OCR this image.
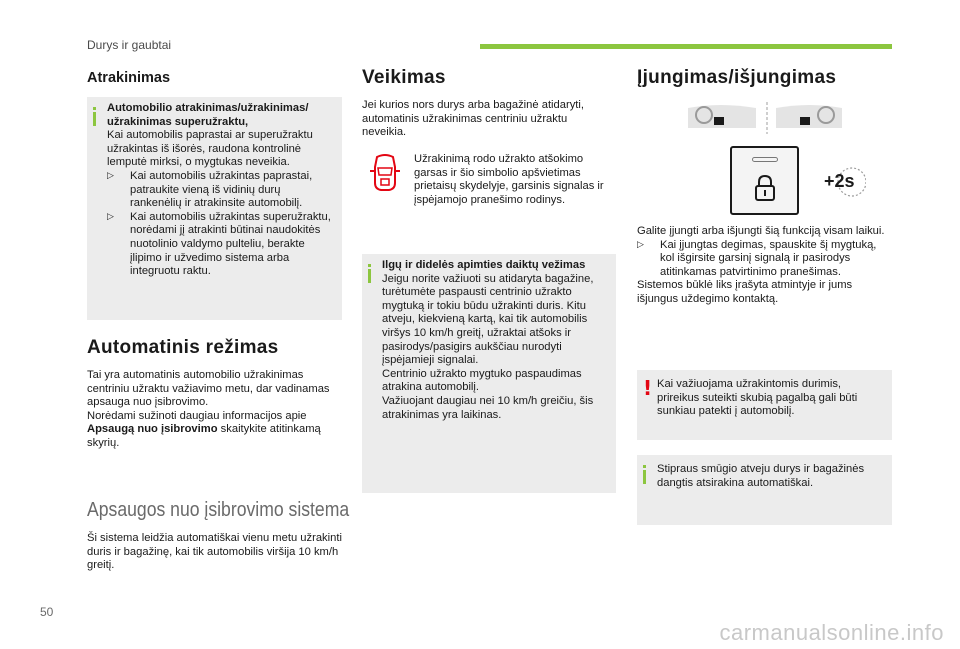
Durys ir gaubtai
Atrakinimas

Automobilio atrakinimas/užrakinimas/ užrakinimas superužraktu,

Kai automobilis paprastai ar superužraktu užrakintas iš išorės, raudona kontrolinė lemputė mirksi, o mygtukas neveikia.

▷ Kai automobilis užrakintas paprastai, patraukite vieną iš vidinių durų rankenėlių ir atrakinsite automobilį.

▷ Kai automobilis užrakintas superužraktu, norėdami jį atrakinti būtinai naudokitės nuotolinio valdymo pulteliu, berakte įlipimo ir užvedimo sistema arba integruotu raktu.

Automatinis režimas

Tai yra automatinis automobilio užrakinimas centriniu užraktu važiavimo metu, dar vadinamas apsauga nuo įsibrovimo.

Norėdami sužinoti daugiau informacijos apie Apsaugą nuo įsibrovimo skaitykite atitinkamą skyrių.

Apsaugos nuo įsibrovimo sistema

Ši sistema leidžia automatiškai vienu metu užrakinti duris ir bagažinę, kai tik automobilis viršija 10 km/h greitį.

Veikimas

Jei kurios nors durys arba bagažinė atidaryti, automatinis užrakinimas centriniu užraktu neveikia.

Užrakinimą rodo užrakto atšokimo garsas ir šio simbolio apšvietimas prietaisų skydelyje, garsinis signalas ir įspėjamojo pranešimo rodinys.

Ilgų ir didelės apimties daiktų vežimas

Jeigu norite važiuoti su atidaryta bagažine, turėtumėte paspausti centrinio užrakto mygtuką ir tokiu būdu užrakinti duris. Kitu atveju, kiekvieną kartą, kai tik automobilis viršys 10 km/h greitį, užraktai atšoks ir pasirodys/pasigirs aukščiau nurodyti įspėjamieji signalai.

Centrinio užrakto mygtuko paspaudimas atrakina automobilį.

Važiuojant daugiau nei 10 km/h greičiu, šis atrakinimas yra laikinas.

Įjungimas/išjungimas
+2s

Galite įjungti arba išjungti šią funkciją visam laikui.

▷ Kai įjungtas degimas, spauskite šį mygtuką, kol išgirsite garsinį signalą ir pasirodys atitinkamas patvirtinimo pranešimas.

Sistemos būklė liks įrašyta atmintyje ir jums išjungus uždegimo kontaktą.

! Kai važiuojama užrakintomis durimis, prireikus suteikti skubią pagalbą gali būti sunkiau patekti į automobilį.

Stipraus smūgio atveju durys ir bagažinės dangtis atsirakina automatiškai.

50
carmanualsonline.info
